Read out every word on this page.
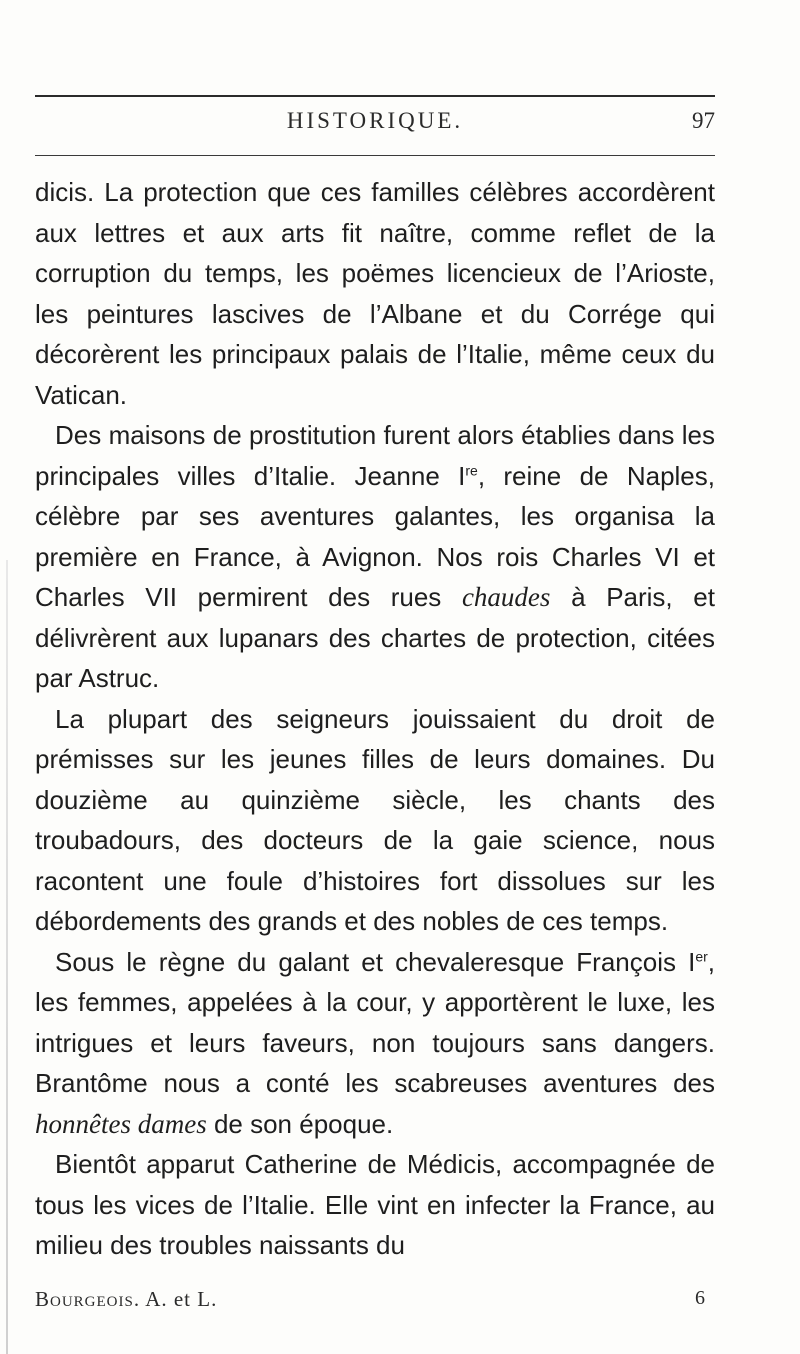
HISTORIQUE.	97

dicis. La protection que ces familles célèbres accordèrent aux lettres et aux arts fit naître, comme reflet de la corruption du temps, les poëmes licencieux de l’Arioste, les peintures lascives de l’Albane et du Corrége qui décorèrent les principaux palais de l’Italie, même ceux du Vatican.

Des maisons de prostitution furent alors établies dans les principales villes d’Italie. Jeanne Ire, reine de Naples, célèbre par ses aventures galantes, les organisa la première en France, à Avignon. Nos rois Charles VI et Charles VII permirent des rues chaudes à Paris, et délivrèrent aux lupanars des chartes de protection, citées par Astruc.

La plupart des seigneurs jouissaient du droit de prémisses sur les jeunes filles de leurs domaines. Du douzième au quinzième siècle, les chants des troubadours, des docteurs de la gaie science, nous racontent une foule d’histoires fort dissolues sur les débordements des grands et des nobles de ces temps.

Sous le règne du galant et chevaleresque François Ier, les femmes, appelées à la cour, y apportèrent le luxe, les intrigues et leurs faveurs, non toujours sans dangers. Brantôme nous a conté les scabreuses aventures des honnêtes dames de son époque.

Bientôt apparut Catherine de Médicis, accompagnée de tous les vices de l’Italie. Elle vint en infecter la France, au milieu des troubles naissants du

Bourgeois. A. et L.	6
